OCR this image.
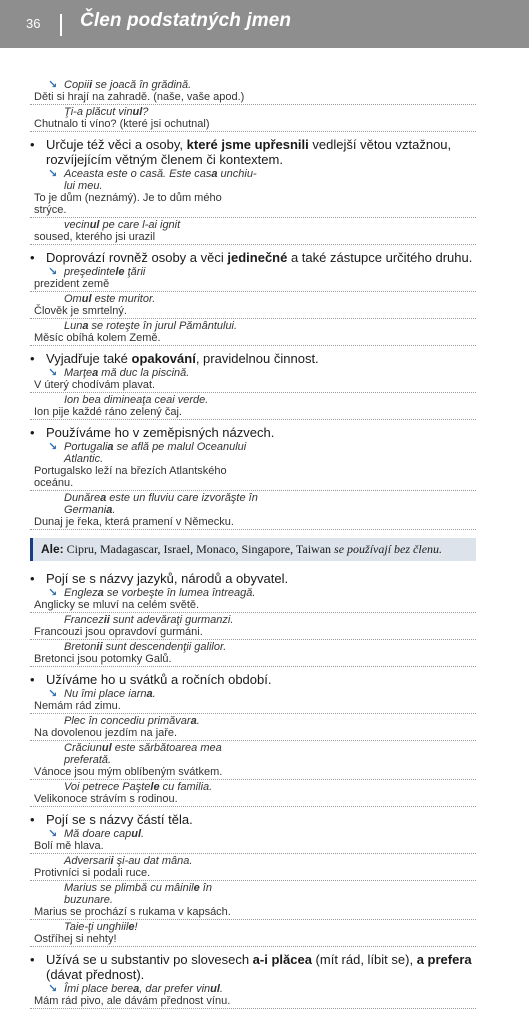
36 Člen podstatných jmen
↘ Copiii se joacă în grădină.
Děti si hrají na zahradě. (naše, vaše apod.)
Ţi-a plăcut vinul?
Chutnalo ti víno? (které jsi ochutnal)
• Určuje též věci a osoby, které jsme upřesnili vedlejší větou vztažnou, rozvíjejícím větným členem či kontextem.
↘ Aceasta este o casă. Este casa unchiu-lui meu.
To je dům (neznámý). Je to dům mého strýce.
vecinul pe care l-ai ignit
soused, kterého jsi urazil
• Doprovází rovněž osoby a věci jedinečné a také zástupce určitého druhu.
↘ preşedintele ţării
prezident země
Omul este muritor.
Člověk je smrtelný.
Luna se roteşte în jurul Pământului.
Měsíc obíhá kolem Země.
• Vyjadřuje také opakování, pravidelnou činnost.
↘ Marţea mă duc la piscină.
V úterý chodívám plavat.
Ion bea dimineaţa ceai verde.
Ion pije každé ráno zelený čaj.
• Používáme ho v zeměpisných názvech.
↘ Portugalia se află pe malul Oceanului Atlantic.
Portugalsko leží na březích Atlantského oceánu.
Dunărea este un fluviu care izvorăşte în Germania.
Dunaj je řeka, která pramení v Německu.
Ale: Cipru, Madagascar, Israel, Monaco, Singapore, Taiwan se používají bez členu.
• Pojí se s názvy jazyků, národů a obyvatel.
↘ Engleza se vorbeşte în lumea întreagă.
Anglicky se mluví na celém světě.
Francezii sunt adevăraţi gurmanzi.
Francouzi jsou opravdoví gurmáni.
Bretonii sunt descendenţii galilor.
Bretonci jsou potomky Galů.
• Užíváme ho u svátků a ročních období.
↘ Nu îmi place iarna.
Nemám rád zimu.
Plec în concediu primăvara.
Na dovolenou jezdím na jaře.
Crăciunul este sărbătoarea mea preferată.
Vánoce jsou mým oblíbeným svátkem.
Voi petrece Paştele cu familia.
Velikonoce strávím s rodinou.
• Pojí se s názvy částí těla.
↘ Mă doare capul.
Bolí mě hlava.
Adversarii şi-au dat mâna.
Protivníci si podali ruce.
Marius se plimbă cu mâinile în buzunare.
Marius se prochází s rukama v kapsách.
Taie-ţi unghiile!
Ostříhej si nehty!
• Užívá se u substantiv po slovesech a-i plăcea (mít rád, líbit se), a prefera (dávat přednost).
↘ Îmi place berea, dar prefer vinul.
Mám rád pivo, ale dávám přednost vínu.
